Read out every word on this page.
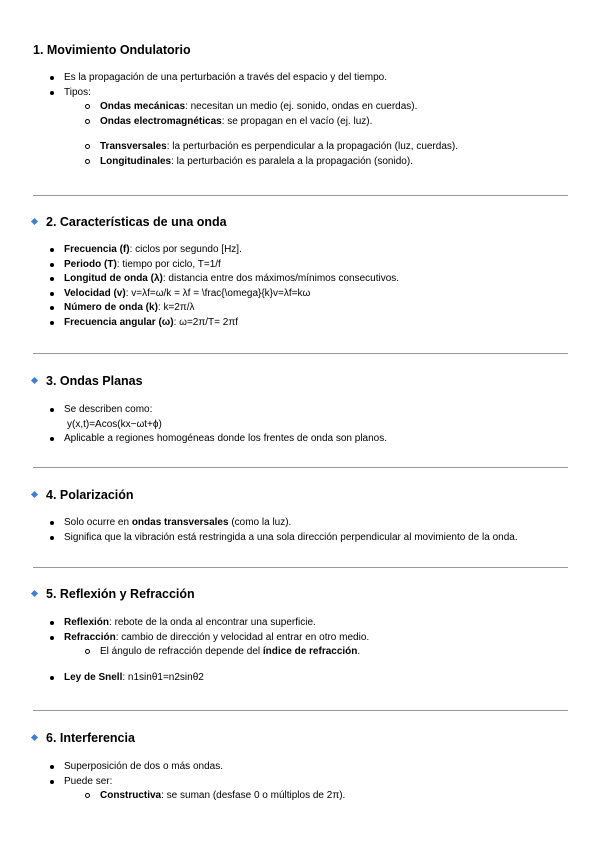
1. Movimiento Ondulatorio
Es la propagación de una perturbación a través del espacio y del tiempo.
Tipos:
Ondas mecánicas: necesitan un medio (ej. sonido, ondas en cuerdas).
Ondas electromagnéticas: se propagan en el vacío (ej. luz).
Transversales: la perturbación es perpendicular a la propagación (luz, cuerdas).
Longitudinales: la perturbación es paralela a la propagación (sonido).
2. Características de una onda
Frecuencia (f): ciclos por segundo [Hz].
Periodo (T): tiempo por ciclo, T=1/f
Longitud de onda (λ): distancia entre dos máximos/mínimos consecutivos.
Velocidad (v): v=λf=ω/k = λf = \frac{\omega}{k}v=λf=kω
Número de onda (k): k=2π/λ
Frecuencia angular (ω): ω=2π/T= 2πf
3. Ondas Planas
Se describen como:
y(x,t)=Acos(kx−ωt+ϕ)
Aplicable a regiones homogéneas donde los frentes de onda son planos.
4. Polarización
Solo ocurre en ondas transversales (como la luz).
Significa que la vibración está restringida a una sola dirección perpendicular al movimiento de la onda.
5. Reflexión y Refracción
Reflexión: rebote de la onda al encontrar una superficie.
Refracción: cambio de dirección y velocidad al entrar en otro medio.
El ángulo de refracción depende del índice de refracción.
Ley de Snell: n1sinθ1=n2sinθ2
6. Interferencia
Superposición de dos o más ondas.
Puede ser:
Constructiva: se suman (desfase 0 o múltiplos de 2π).
